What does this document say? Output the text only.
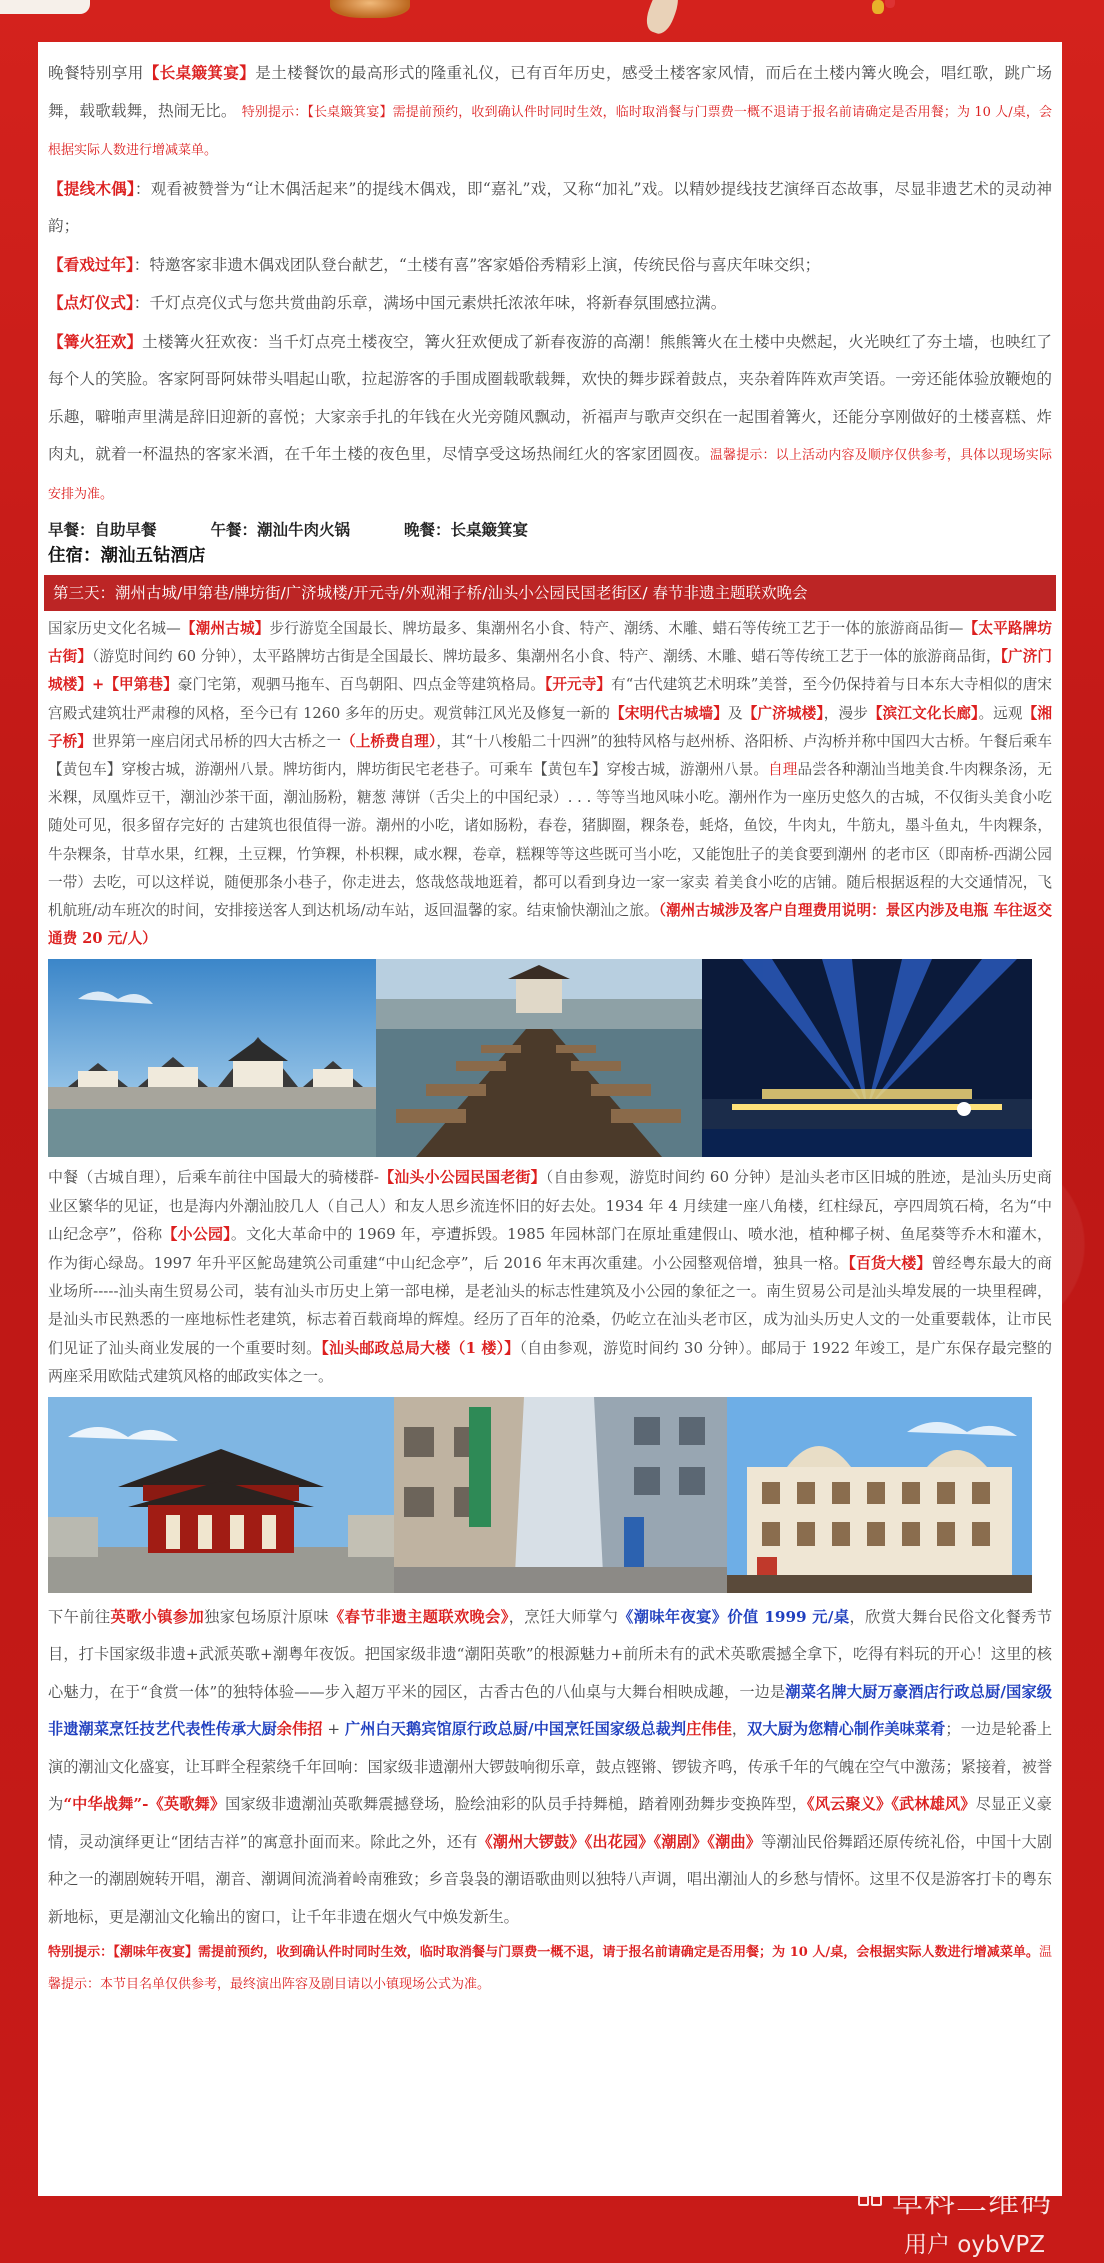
晚餐特别享用【长桌簸箕宴】是土楼餐饮的最高形式的隆重礼仪，已有百年历史，感受土楼客家风情，而后在土楼内篝火晚会，唱红歌，跳广场舞，载歌载舞，热闹无比。 特别提示：【长桌簸箕宴】需提前预约，收到确认件时同时生效，临时取消餐与门票费一概不退请于报名前请确定是否用餐；为 10 人/桌，会根据实际人数进行增减菜单。

【提线木偶】：观看被赞誉为“让木偶活起来”的提线木偶戏，即“嘉礼”戏，又称“加礼”戏。以精妙提线技艺演绎百态故事，尽显非遗艺术的灵动神韵；

【看戏过年】：特邀客家非遗木偶戏团队登台献艺，“土楼有喜”客家婚俗秀精彩上演，传统民俗与喜庆年味交织；

【点灯仪式】：千灯点亮仪式与您共赏曲韵乐章，满场中国元素烘托浓浓年味，将新春氛围感拉满。

【篝火狂欢】土楼篝火狂欢夜：当千灯点亮土楼夜空，篝火狂欢便成了新春夜游的高潮！熊熊篝火在土楼中央燃起，火光映红了夯土墙，也映红了每个人的笑脸。客家阿哥阿妹带头唱起山歌，拉起游客的手围成圈载歌载舞，欢快的舞步踩着鼓点，夹杂着阵阵欢声笑语。一旁还能体验放鞭炮的乐趣，噼啪声里满是辞旧迎新的喜悦；大家亲手扎的年钱在火光旁随风飘动，祈福声与歌声交织在一起围着篝火，还能分享刚做好的土楼喜糕、炸肉丸，就着一杯温热的客家米酒，在千年土楼的夜色里，尽情享受这场热闹红火的客家团圆夜。温馨提示：以上活动内容及顺序仅供参考，具体以现场实际安排为准。

早餐：自助早餐	午餐：潮汕牛肉火锅	晚餐：长桌簸箕宴
住宿：潮汕五钻酒店
第三天：潮州古城/甲第巷/牌坊街/广济城楼/开元寺/外观湘子桥/汕头小公园民国老街区/ 春节非遗主题联欢晚会

国家历史文化名城—【潮州古城】步行游览全国最长、牌坊最多、集潮州名小食、特产、潮绣、木雕、蜡石等传统工艺于一体的旅游商品街—【太平路牌坊古街】（游览时间约 60 分钟），太平路牌坊古街是全国最长、牌坊最多、集潮州名小食、特产、潮绣、木雕、蜡石等传统工艺于一体的旅游商品街，【广济门城楼】+【甲第巷】豪门宅第，观驷马拖车、百鸟朝阳、四点金等建筑格局。【开元寺】有“古代建筑艺术明珠”美誉，至今仍保持着与日本东大寺相似的唐宋宫殿式建筑壮严肃穆的风格，至今已有 1260 多年的历史。观赏韩江风光及修复一新的【宋明代古城墙】及【广济城楼】，漫步【滨江文化长廊】。远观【湘子桥】世界第一座启闭式吊桥的四大古桥之一（上桥费自理），其“十八梭船二十四洲”的独特风格与赵州桥、洛阳桥、卢沟桥并称中国四大古桥。午餐后乘车【黄包车】穿梭古城，游潮州八景。牌坊街内，牌坊街民宅老巷子。可乘车【黄包车】穿梭古城，游潮州八景。自理品尝各种潮汕当地美食.牛肉粿条汤，无米粿，凤凰炸豆干，潮汕沙茶干面，潮汕肠粉，糖葱 薄饼（舌尖上的中国纪录）. . . 等等当地风味小吃。潮州作为一座历史悠久的古城，不仅街头美食小吃随处可见，很多留存完好的 古建筑也很值得一游。潮州的小吃，诸如肠粉，春卷，猪脚圈，粿条卷，蚝烙，鱼饺，牛肉丸，牛筋丸，墨斗鱼丸，牛肉粿条， 牛杂粿条，甘草水果，红粿，土豆粿，竹笋粿，朴枳粿，咸水粿，卷章，糕粿等等这些既可当小吃，又能饱肚子的美食要到潮州 的老市区（即南桥-西湖公园一带）去吃，可以这样说，随便那条小巷子，你走进去，悠哉悠哉地逛着，都可以看到身边一家一家卖 着美食小吃的店铺。随后根据返程的大交通情况，飞机航班/动车班次的时间，安排接送客人到达机场/动车站，返回温馨的家。结束愉快潮汕之旅。（潮州古城涉及客户自理费用说明：景区内涉及电瓶 车往返交通费 20 元/人）

中餐（古城自理），后乘车前往中国最大的骑楼群-【汕头小公园民国老街】（自由参观，游览时间约 60 分钟）是汕头老市区旧城的胜迹，是汕头历史商业区繁华的见证，也是海内外潮汕胶几人（自己人）和友人思乡流连怀旧的好去处。1934 年 4 月续建一座八角楼，红柱绿瓦，亭四周筑石椅，名为“中山纪念亭”，俗称【小公园】。文化大革命中的 1969 年，亭遭拆毁。1985 年园林部门在原址重建假山、喷水池，植种椰子树、鱼尾葵等乔木和灌木，作为街心绿岛。1997 年升平区鮀岛建筑公司重建“中山纪念亭”，后 2016 年末再次重建。小公园整观倍增，独具一格。【百货大楼】曾经粤东最大的商业场所-----汕头南生贸易公司，装有汕头市历史上第一部电梯，是老汕头的标志性建筑及小公园的象征之一。南生贸易公司是汕头埠发展的一块里程碑，是汕头市民熟悉的一座地标性老建筑，标志着百载商埠的辉煌。经历了百年的沧桑，仍屹立在汕头老市区，成为汕头历史人文的一处重要载体，让市民们见证了汕头商业发展的一个重要时刻。【汕头邮政总局大楼（1 楼）】（自由参观，游览时间约 30 分钟）。邮局于 1922 年竣工，是广东保存最完整的两座采用欧陆式建筑风格的邮政实体之一。

下午前往英歌小镇参加独家包场原汁原味《春节非遗主题联欢晚会》，烹饪大师掌勺《潮味年夜宴》价值 1999 元/桌，欣赏大舞台民俗文化餐秀节目，打卡国家级非遗+武派英歌+潮粤年夜饭。把国家级非遗“潮阳英歌”的根源魅力+前所未有的武术英歌震撼全拿下，吃得有料玩的开心！这里的核心魅力，在于“食赏一体”的独特体验——步入超万平米的园区，古香古色的八仙桌与大舞台相映成趣，一边是潮菜名牌大厨万豪酒店行政总厨/国家级非遗潮菜烹饪技艺代表性传承大厨余伟招 + 广州白天鹅宾馆原行政总厨/中国烹饪国家级总裁判庄伟佳，双大厨为您精心制作美味菜肴；一边是轮番上演的潮汕文化盛宴，让耳畔全程萦绕千年回响：国家级非遗潮州大锣鼓响彻乐章，鼓点铿锵、锣钹齐鸣，传承千年的气魄在空气中激荡；紧接着，被誉为“中华战舞”-《英歌舞》国家级非遗潮汕英歌舞震撼登场，脸绘油彩的队员手持舞槌，踏着刚劲舞步变换阵型，《风云聚义》《武林雄风》尽显正义豪情，灵动演绎更让“团结吉祥”的寓意扑面而来。除此之外，还有《潮州大锣鼓》《出花园》《潮剧》《潮曲》等潮汕民俗舞蹈还原传统礼俗，中国十大剧种之一的潮剧婉转开唱，潮音、潮调间流淌着岭南雅致；乡音袅袅的潮语歌曲则以独特八声调，唱出潮汕人的乡愁与情怀。这里不仅是游客打卡的粤东新地标，更是潮汕文化输出的窗口，让千年非遗在烟火气中焕发新生。

特别提示：【潮味年夜宴】需提前预约，收到确认件时同时生效，临时取消餐与门票费一概不退，请于报名前请确定是否用餐；为 10 人/桌，会根据实际人数进行增减菜单。温馨提示：本节目名单仅供参考，最终演出阵容及剧目请以小镇现场公式为准。

草料二维码
用户 oybVPZ
